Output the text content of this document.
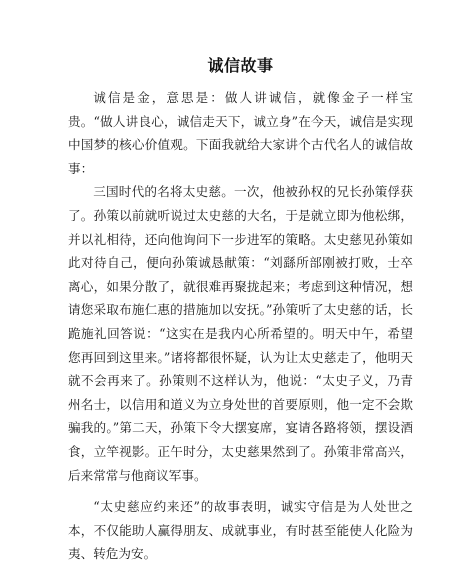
诚信故事

诚信是金，意思是：做人讲诚信，就像金子一样宝贵。“做人讲良心，诚信走天下，诚立身”在今天，诚信是实现中国梦的核心价值观。下面我就给大家讲个古代名人的诚信故事：

三国时代的名将太史慈。一次，他被孙权的兄长孙策俘获了。孙策以前就听说过太史慈的大名，于是就立即为他松绑，并以礼相待，还向他询问下一步进军的策略。太史慈见孙策如此对待自己，便向孙策诚恳献策：“刘繇所部刚被打败，士卒离心，如果分散了，就很难再聚拢起来；考虑到这种情况，想请您采取布施仁惠的措施加以安抚。”孙策听了太史慈的话，长跪施礼回答说：“这实在是我内心所希望的。明天中午，希望您再回到这里来。”诸将都很怀疑，认为让太史慈走了，他明天就不会再来了。孙策则不这样认为，他说：“太史子义，乃青州名士，以信用和道义为立身处世的首要原则，他一定不会欺骗我的。”第二天，孙策下令大摆宴席，宴请各路将领，摆设酒食，立竿视影。正午时分，太史慈果然到了。孙策非常高兴，后来常常与他商议军事。

“太史慈应约来还”的故事表明，诚实守信是为人处世之本，不仅能助人赢得朋友、成就事业，有时甚至能使人化险为夷、转危为安。
